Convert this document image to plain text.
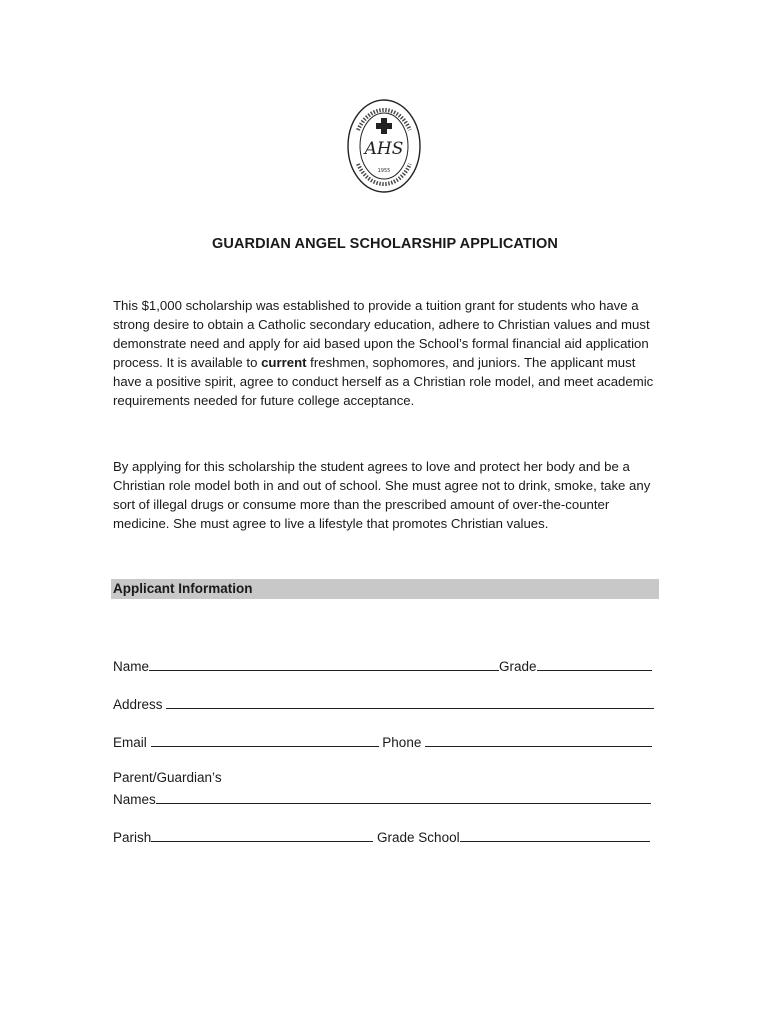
AHS
1955
GUARDIAN ANGEL SCHOLARSHIP APPLICATION

This $1,000 scholarship was established to provide a tuition grant for students who have a strong desire to obtain a Catholic secondary education, adhere to Christian values and must demonstrate need and apply for aid based upon the School’s formal financial aid application process. It is available to current freshmen, sophomores, and juniors. The applicant must have a positive spirit, agree to conduct herself as a Christian role model, and meet academic requirements needed for future college acceptance.

By applying for this scholarship the student agrees to love and protect her body and be a Christian role model both in and out of school. She must agree not to drink, smoke, take any sort of illegal drugs or consume more than the prescribed amount of over-the-counter medicine. She must agree to live a lifestyle that promotes Christian values.

Applicant Information
Name	Grade
Address
Email	Phone
Parent/Guardian’s
Names
Parish	Grade School
